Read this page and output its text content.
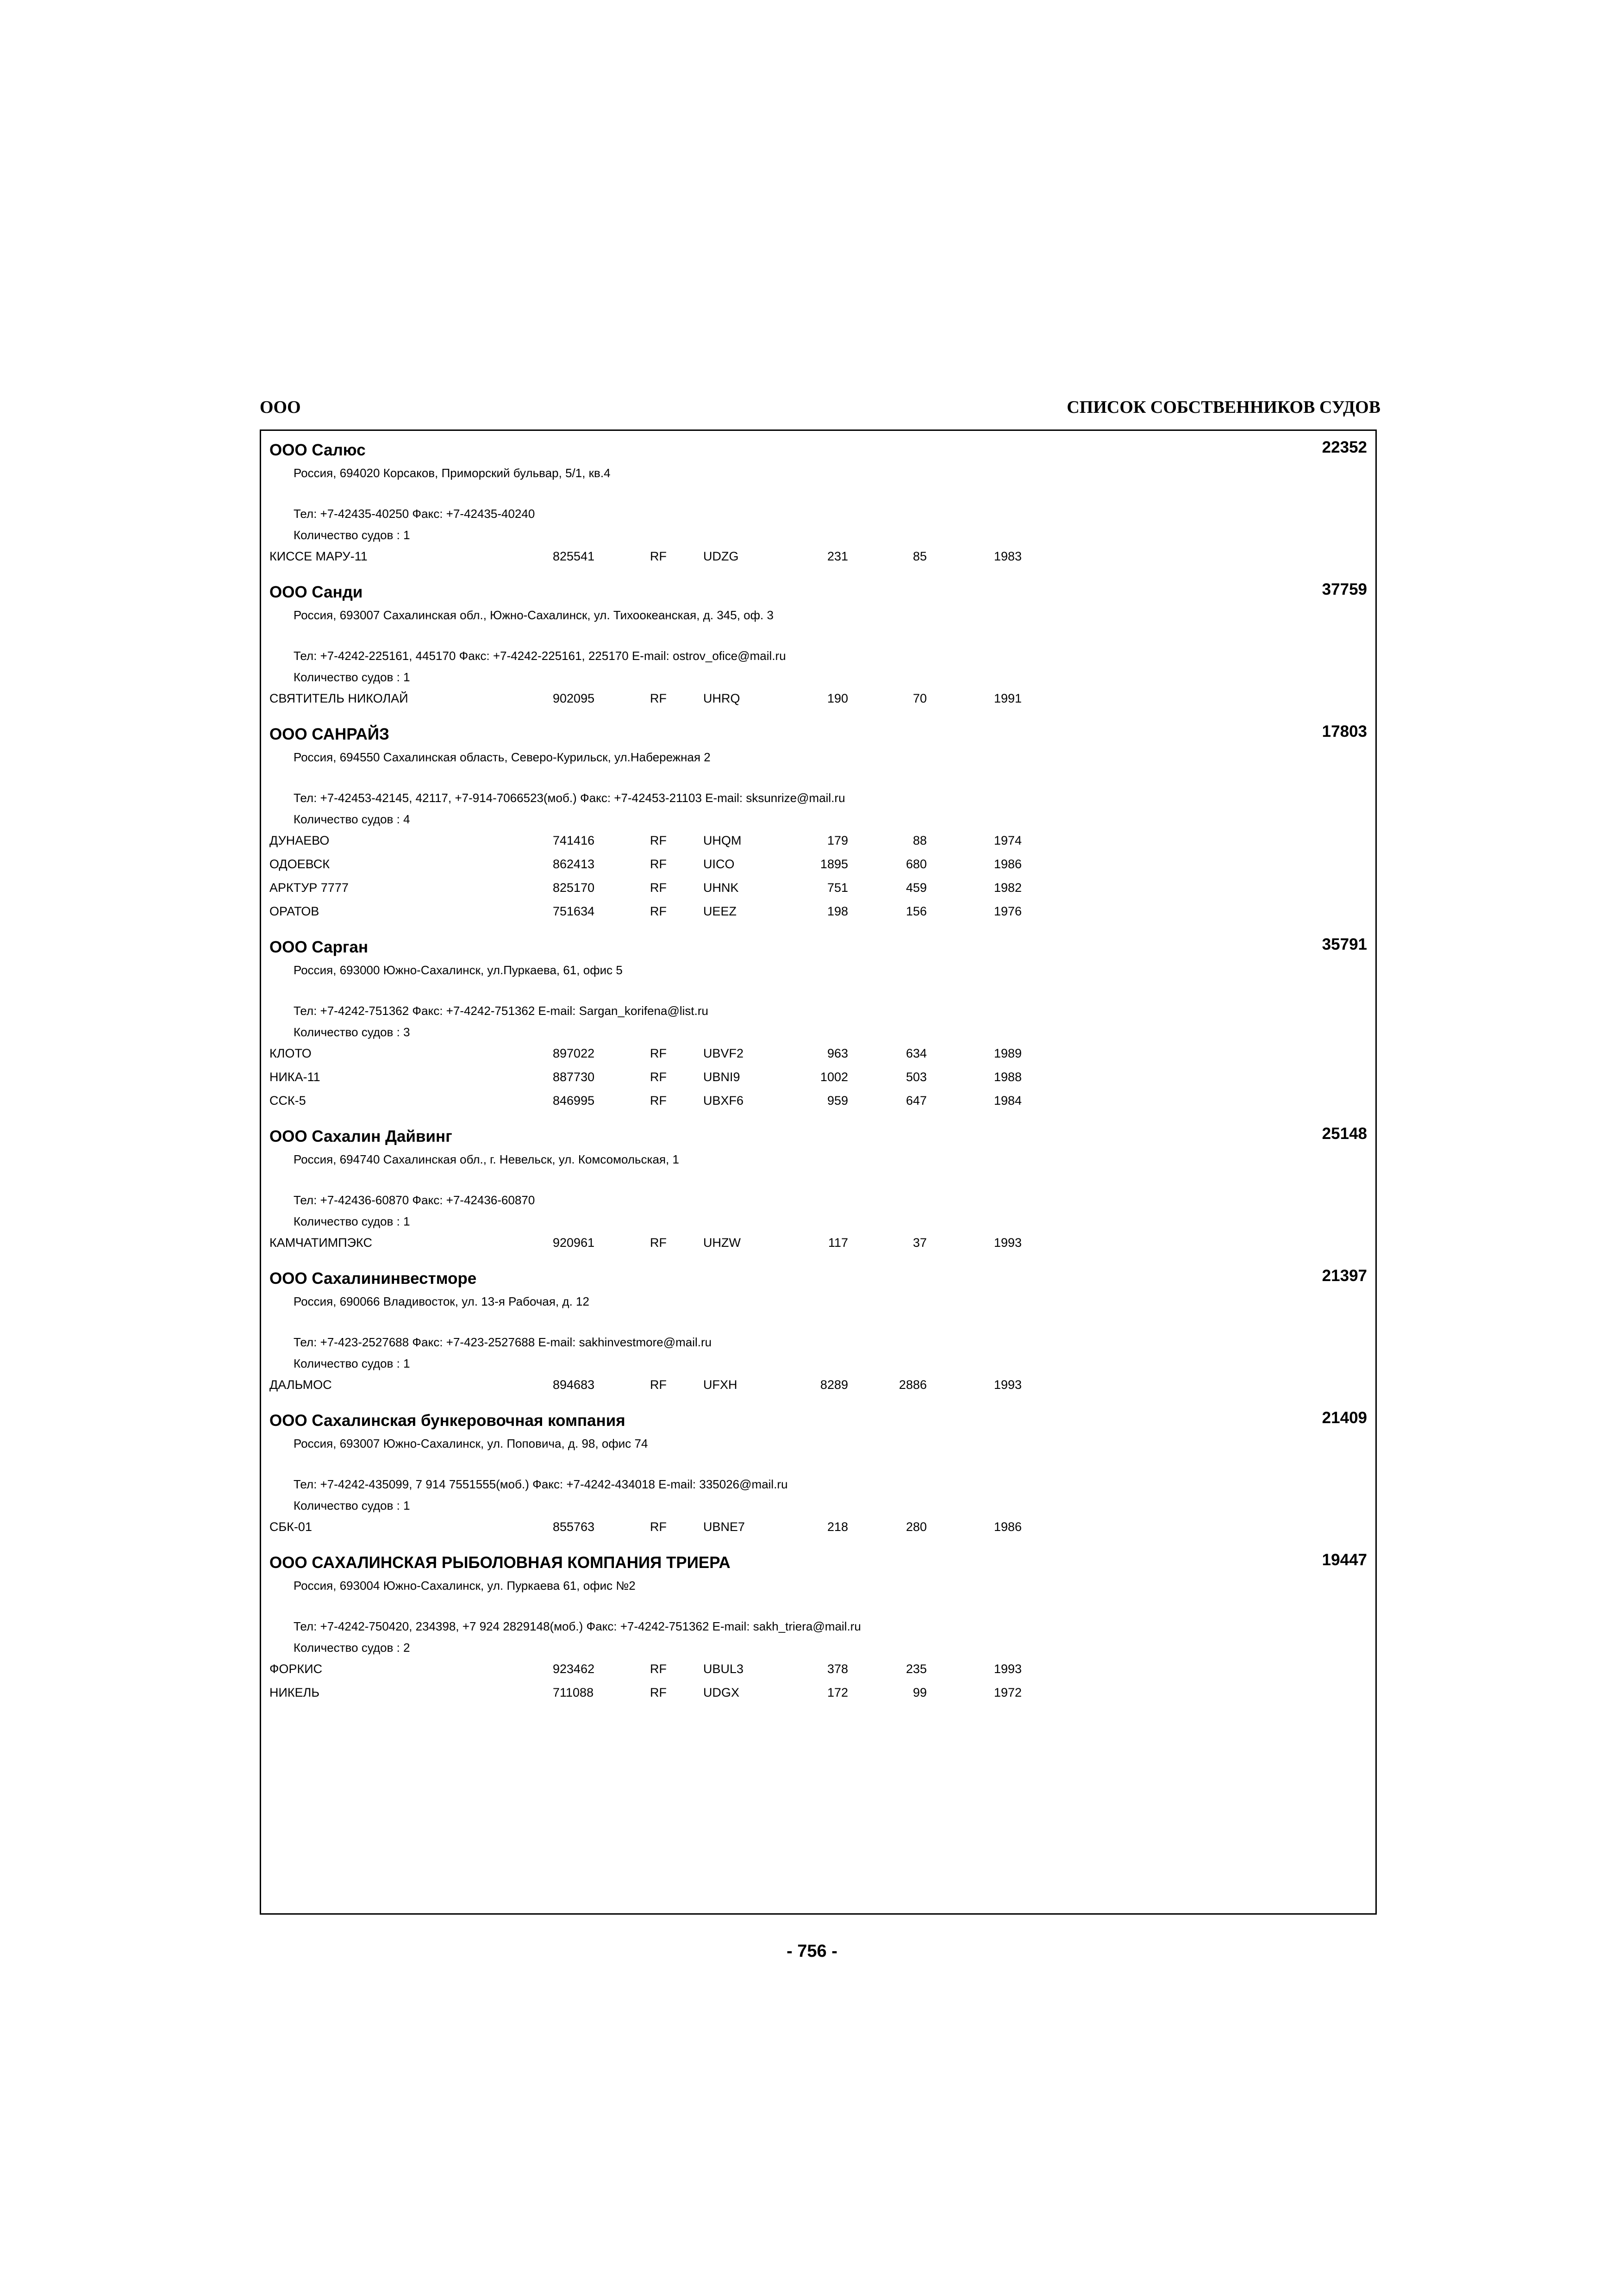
ООО	СПИСОК СОБСТВЕННИКОВ СУДОВ
ООО Салюс	22352
Россия, 694020 Корсаков, Приморский бульвар, 5/1, кв.4
Тел: +7-42435-40250 Факс: +7-42435-40240
Количество судов : 1
КИССЕ МАРУ-11	825541	RF	UDZG	231	85	1983
ООО Санди	37759
Россия, 693007 Сахалинская обл., Южно-Сахалинск, ул. Тихоокеанская, д. 345, оф. 3
Тел: +7-4242-225161, 445170 Факс: +7-4242-225161, 225170 E-mail: ostrov_ofice@mail.ru
Количество судов : 1
СВЯТИТЕЛЬ НИКОЛАЙ	902095	RF	UHRQ	190	70	1991
ООО САНРАЙЗ	17803
Россия, 694550 Сахалинская область, Северо-Курильск, ул.Набережная 2
Тел: +7-42453-42145, 42117, +7-914-7066523(моб.) Факс: +7-42453-21103 E-mail: sksunrize@mail.ru
Количество судов : 4
ДУНАЕВО	741416	RF	UHQM	179	88	1974
ОДОЕВСК	862413	RF	UICO	1895	680	1986
АРКТУР 7777	825170	RF	UHNK	751	459	1982
ОРАТОВ	751634	RF	UEEZ	198	156	1976
ООО Сарган	35791
Россия, 693000 Южно-Сахалинск, ул.Пуркаева, 61, офис 5
Тел: +7-4242-751362 Факс: +7-4242-751362 E-mail: Sargan_korifena@list.ru
Количество судов : 3
КЛОТО	897022	RF	UBVF2	963	634	1989
НИКА-11	887730	RF	UBNI9	1002	503	1988
ССК-5	846995	RF	UBXF6	959	647	1984
ООО Сахалин Дайвинг	25148
Россия, 694740 Сахалинская обл., г. Невельск, ул. Комсомольская, 1
Тел: +7-42436-60870 Факс: +7-42436-60870
Количество судов : 1
КАМЧАТИМПЭКС	920961	RF	UHZW	117	37	1993
ООО Сахалининвестморе	21397
Россия, 690066 Владивосток, ул. 13-я Рабочая, д. 12
Тел: +7-423-2527688 Факс: +7-423-2527688 E-mail: sakhinvestmore@mail.ru
Количество судов : 1
ДАЛЬМОС	894683	RF	UFXH	8289	2886	1993
ООО Сахалинская бункеровочная компания	21409
Россия, 693007 Южно-Сахалинск, ул. Поповича, д. 98, офис 74
Тел: +7-4242-435099, 7 914 7551555(моб.) Факс: +7-4242-434018 E-mail: 335026@mail.ru
Количество судов : 1
СБК-01	855763	RF	UBNE7	218	280	1986
ООО САХАЛИНСКАЯ РЫБОЛОВНАЯ КОМПАНИЯ ТРИЕРА	19447
Россия, 693004 Южно-Сахалинск, ул. Пуркаева 61, офис №2
Тел: +7-4242-750420, 234398, +7 924 2829148(моб.) Факс: +7-4242-751362 E-mail: sakh_triera@mail.ru
Количество судов : 2
ФОРКИС	923462	RF	UBUL3	378	235	1993
НИКЕЛЬ	711088	RF	UDGX	172	99	1972
- 756 -
